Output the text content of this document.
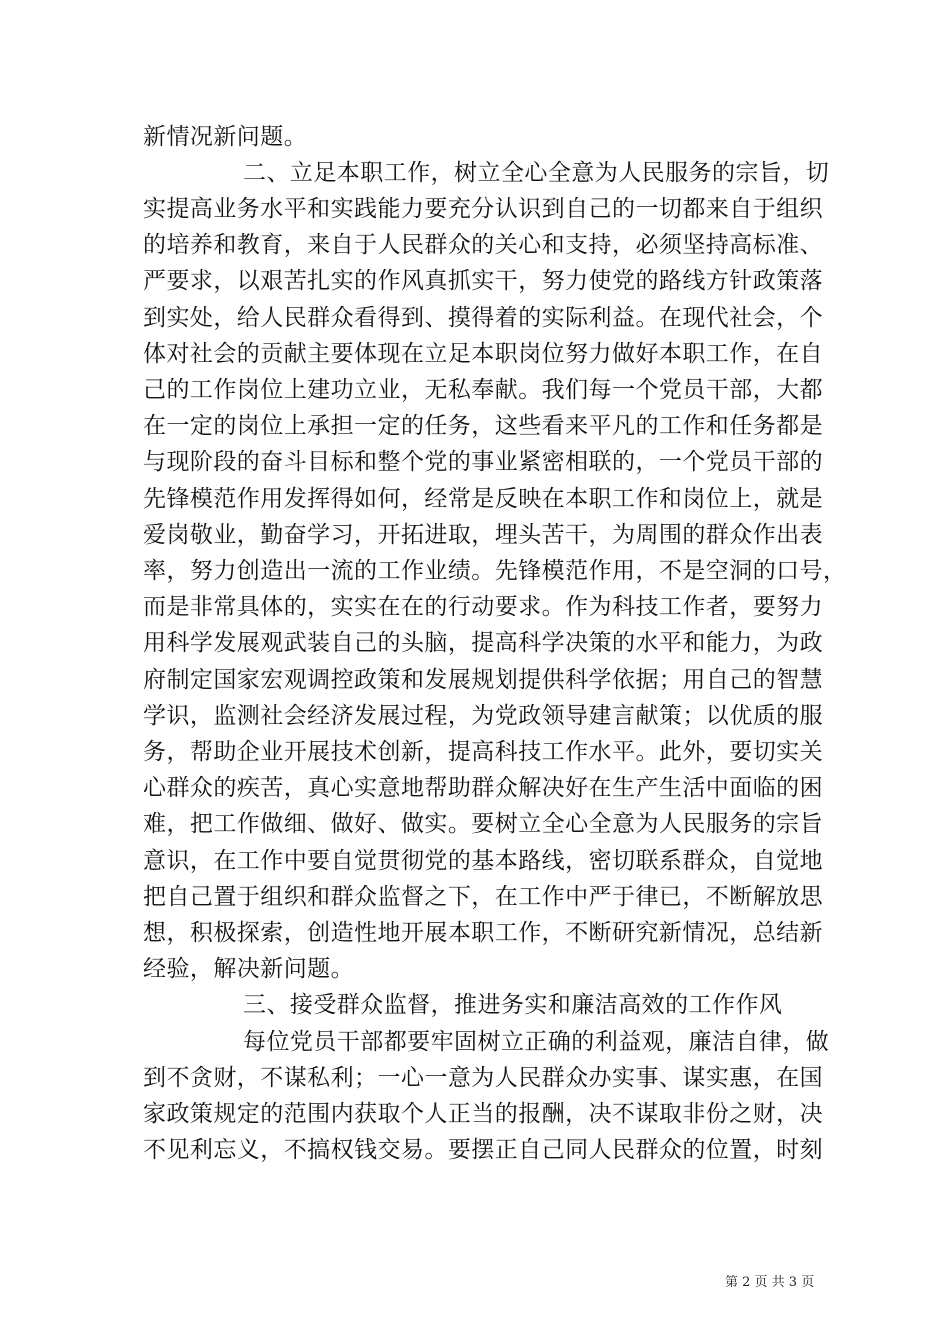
新情况新问题。
二、立足本职工作，树立全心全意为人民服务的宗旨，切
实提高业务水平和实践能力要充分认识到自己的一切都来自于组织
的培养和教育，来自于人民群众的关心和支持，必须坚持高标准、
严要求，以艰苦扎实的作风真抓实干，努力使党的路线方针政策落
到实处，给人民群众看得到、摸得着的实际利益。在现代社会，个
体对社会的贡献主要体现在立足本职岗位努力做好本职工作，在自
己的工作岗位上建功立业，无私奉献。我们每一个党员干部，大都
在一定的岗位上承担一定的任务，这些看来平凡的工作和任务都是
与现阶段的奋斗目标和整个党的事业紧密相联的，一个党员干部的
先锋模范作用发挥得如何，经常是反映在本职工作和岗位上，就是
爱岗敬业，勤奋学习，开拓进取，埋头苦干，为周围的群众作出表
率，努力创造出一流的工作业绩。先锋模范作用，不是空洞的口号，
而是非常具体的，实实在在的行动要求。作为科技工作者，要努力
用科学发展观武装自己的头脑，提高科学决策的水平和能力，为政
府制定国家宏观调控政策和发展规划提供科学依据；用自己的智慧
学识，监测社会经济发展过程，为党政领导建言献策；以优质的服
务，帮助企业开展技术创新，提高科技工作水平。此外，要切实关
心群众的疾苦，真心实意地帮助群众解决好在生产生活中面临的困
难，把工作做细、做好、做实。要树立全心全意为人民服务的宗旨
意识，在工作中要自觉贯彻党的基本路线，密切联系群众，自觉地
把自己置于组织和群众监督之下，在工作中严于律已，不断解放思
想，积极探索，创造性地开展本职工作，不断研究新情况，总结新
经验，解决新问题。
三、接受群众监督，推进务实和廉洁高效的工作作风
每位党员干部都要牢固树立正确的利益观，廉洁自律，做
到不贪财，不谋私利；一心一意为人民群众办实事、谋实惠，在国
家政策规定的范围内获取个人正当的报酬，决不谋取非份之财，决
不见利忘义，不搞权钱交易。要摆正自己同人民群众的位置，时刻
第 2 页 共 3 页
